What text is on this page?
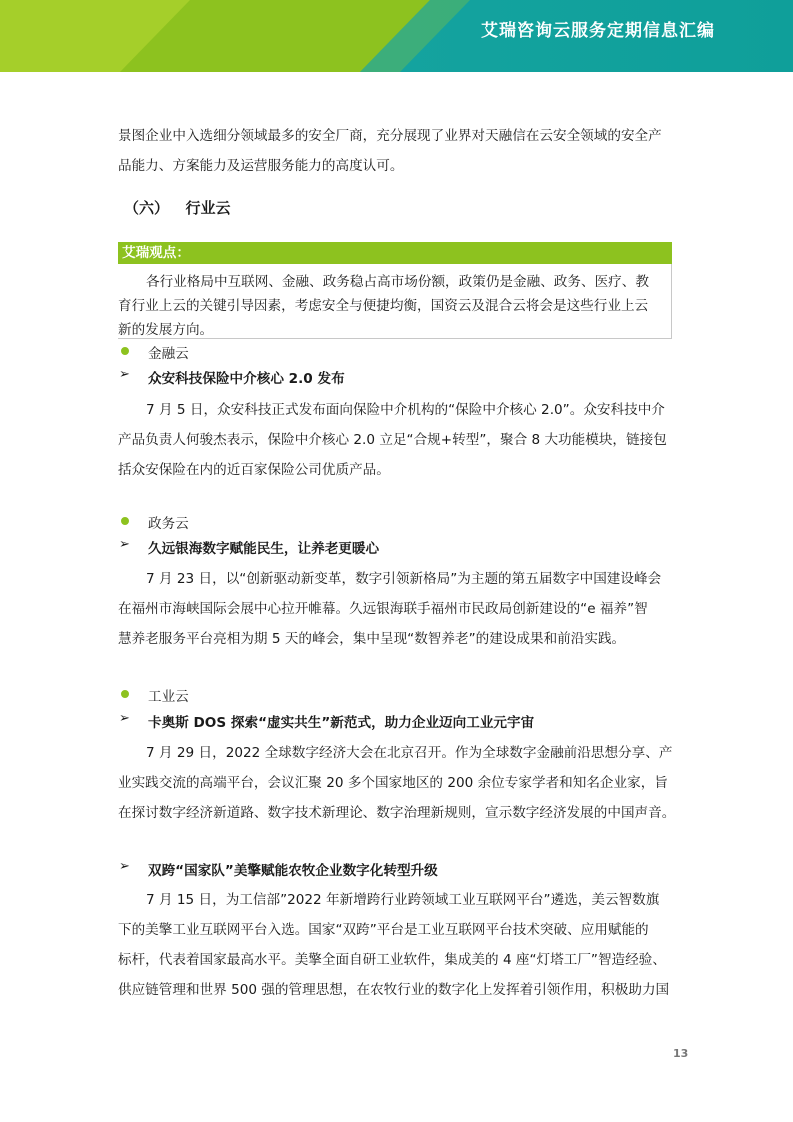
艾瑞咨询云服务定期信息汇编
景图企业中入选细分领域最多的安全厂商，充分展现了业界对天融信在云安全领域的安全产
品能力、方案能力及运营服务能力的高度认可。
（六） 行业云
艾瑞观点：
各行业格局中互联网、金融、政务稳占高市场份额，政策仍是金融、政务、医疗、教
育行业上云的关键引导因素，考虑安全与便捷均衡，国资云及混合云将会是这些行业上云
新的发展方向。
金融云
➢ 众安科技保险中介核心 2.0 发布
7 月 5 日，众安科技正式发布面向保险中介机构的“保险中介核心 2.0”。众安科技中介
产品负责人何骏杰表示，保险中介核心 2.0 立足“合规+转型”，聚合 8 大功能模块，链接包
括众安保险在内的近百家保险公司优质产品。
政务云
➢ 久远银海数字赋能民生，让养老更暖心
7 月 23 日，以“创新驱动新变革，数字引领新格局”为主题的第五届数字中国建设峰会
在福州市海峡国际会展中心拉开帷幕。久远银海联手福州市民政局创新建设的“e 福养”智
慧养老服务平台亮相为期 5 天的峰会，集中呈现“数智养老”的建设成果和前沿实践。
工业云
➢ 卡奥斯 DOS 探索“虚实共生”新范式，助力企业迈向工业元宇宙
7 月 29 日，2022 全球数字经济大会在北京召开。作为全球数字金融前沿思想分享、产
业实践交流的高端平台，会议汇聚 20 多个国家地区的 200 余位专家学者和知名企业家，旨
在探讨数字经济新道路、数字技术新理论、数字治理新规则，宣示数字经济发展的中国声音。
➢ 双跨“国家队”美擎赋能农牧企业数字化转型升级
7 月 15 日，为工信部”2022 年新增跨行业跨领域工业互联网平台”遴选，美云智数旗
下的美擎工业互联网平台入选。国家“双跨”平台是工业互联网平台技术突破、应用赋能的
标杆，代表着国家最高水平。美擎全面自研工业软件，集成美的 4 座“灯塔工厂”智造经验、
供应链管理和世界 500 强的管理思想，在农牧行业的数字化上发挥着引领作用，积极助力国
13
